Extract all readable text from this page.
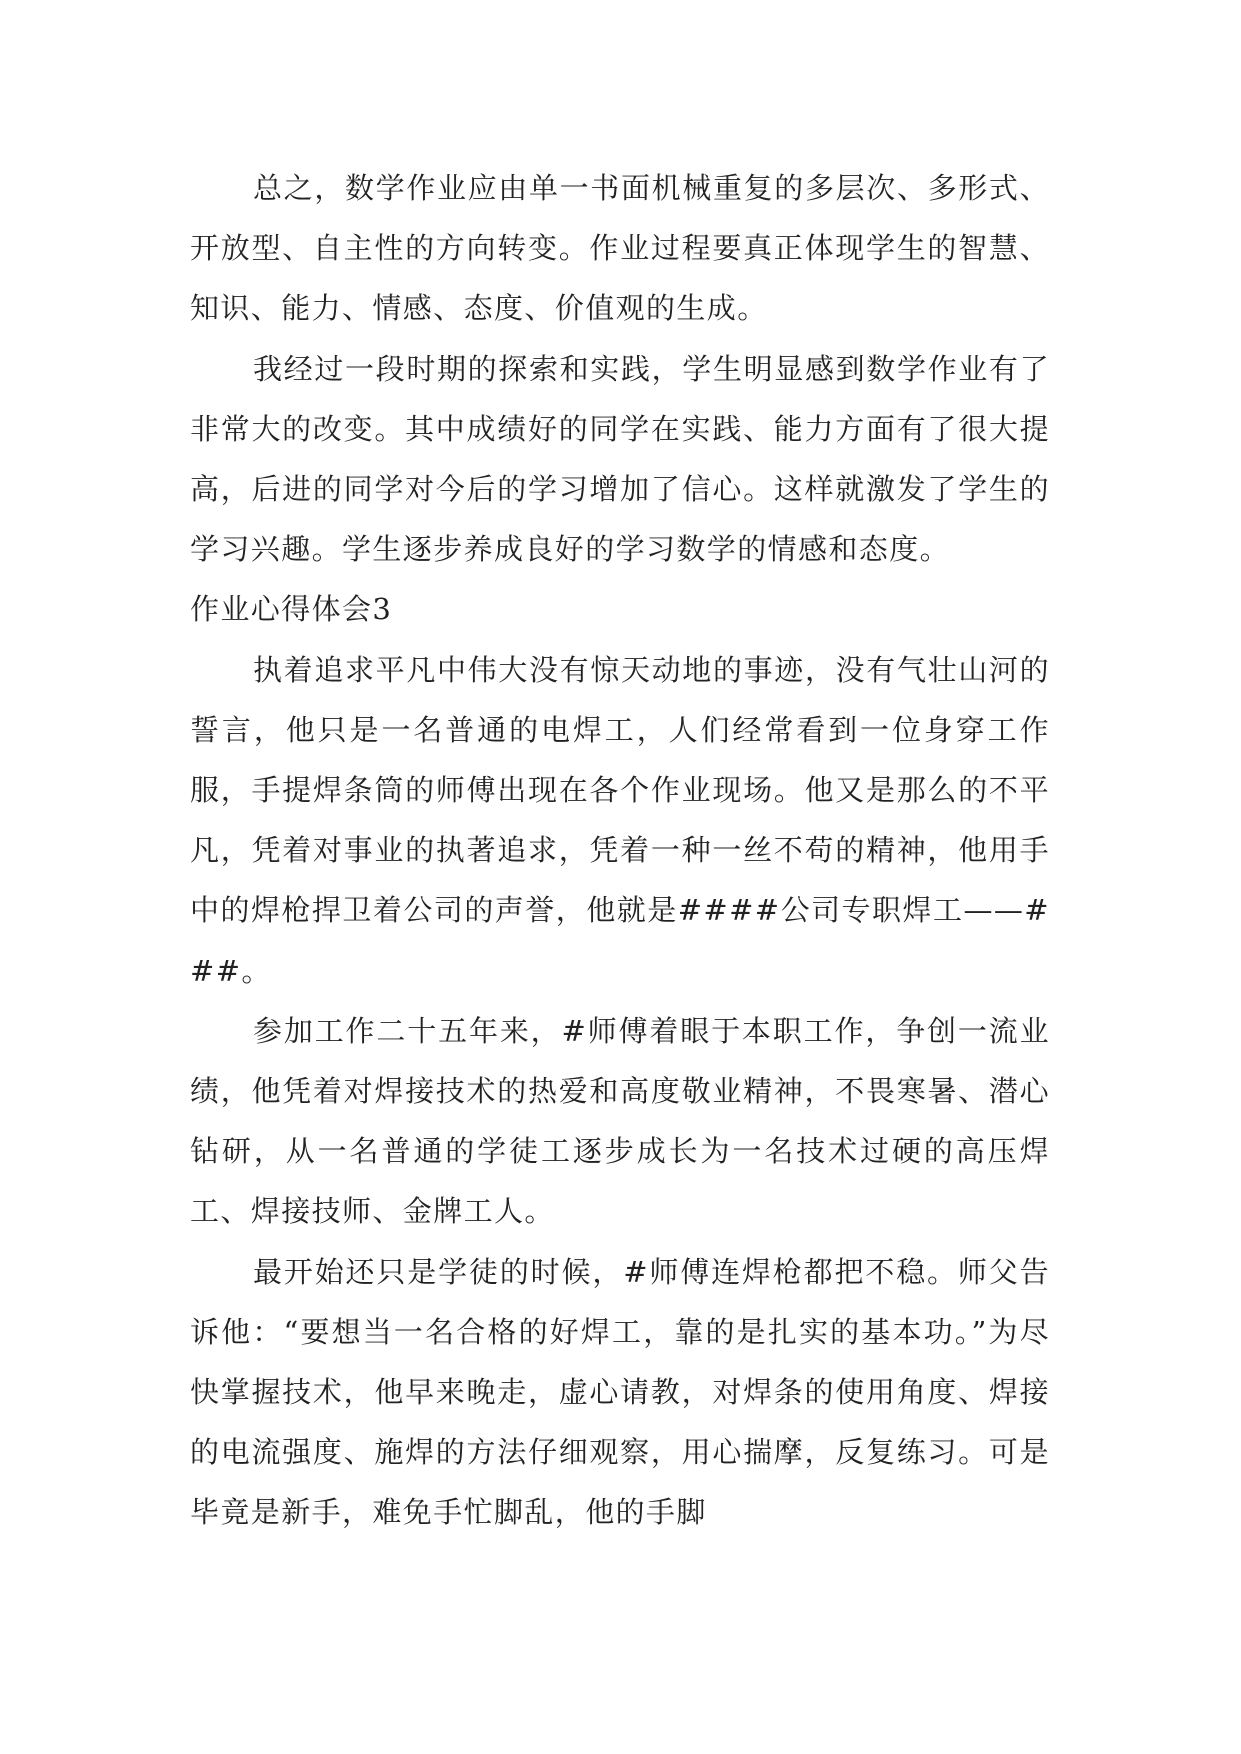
总之，数学作业应由单一书面机械重复的多层次、多形式、开放型、自主性的方向转变。作业过程要真正体现学生的智慧、知识、能力、情感、态度、价值观的生成。

我经过一段时期的探索和实践，学生明显感到数学作业有了非常大的改变。其中成绩好的同学在实践、能力方面有了很大提高，后进的同学对今后的学习增加了信心。这样就激发了学生的学习兴趣。学生逐步养成良好的学习数学的情感和态度。

作业心得体会3

执着追求平凡中伟大没有惊天动地的事迹，没有气壮山河的誓言，他只是一名普通的电焊工，人们经常看到一位身穿工作服，手提焊条筒的师傅出现在各个作业现场。他又是那么的不平凡，凭着对事业的执著追求，凭着一种一丝不苟的精神，他用手中的焊枪捍卫着公司的声誉，他就是####公司专职焊工——###。

参加工作二十五年来，#师傅着眼于本职工作，争创一流业绩，他凭着对焊接技术的热爱和高度敬业精神，不畏寒暑、潜心钻研，从一名普通的学徒工逐步成长为一名技术过硬的高压焊工、焊接技师、金牌工人。

最开始还只是学徒的时候，#师傅连焊枪都把不稳。师父告诉他：“要想当一名合格的好焊工，靠的是扎实的基本功。”为尽快掌握技术，他早来晚走，虚心请教，对焊条的使用角度、焊接的电流强度、施焊的方法仔细观察，用心揣摩，反复练习。可是毕竟是新手，难免手忙脚乱，他的手脚
